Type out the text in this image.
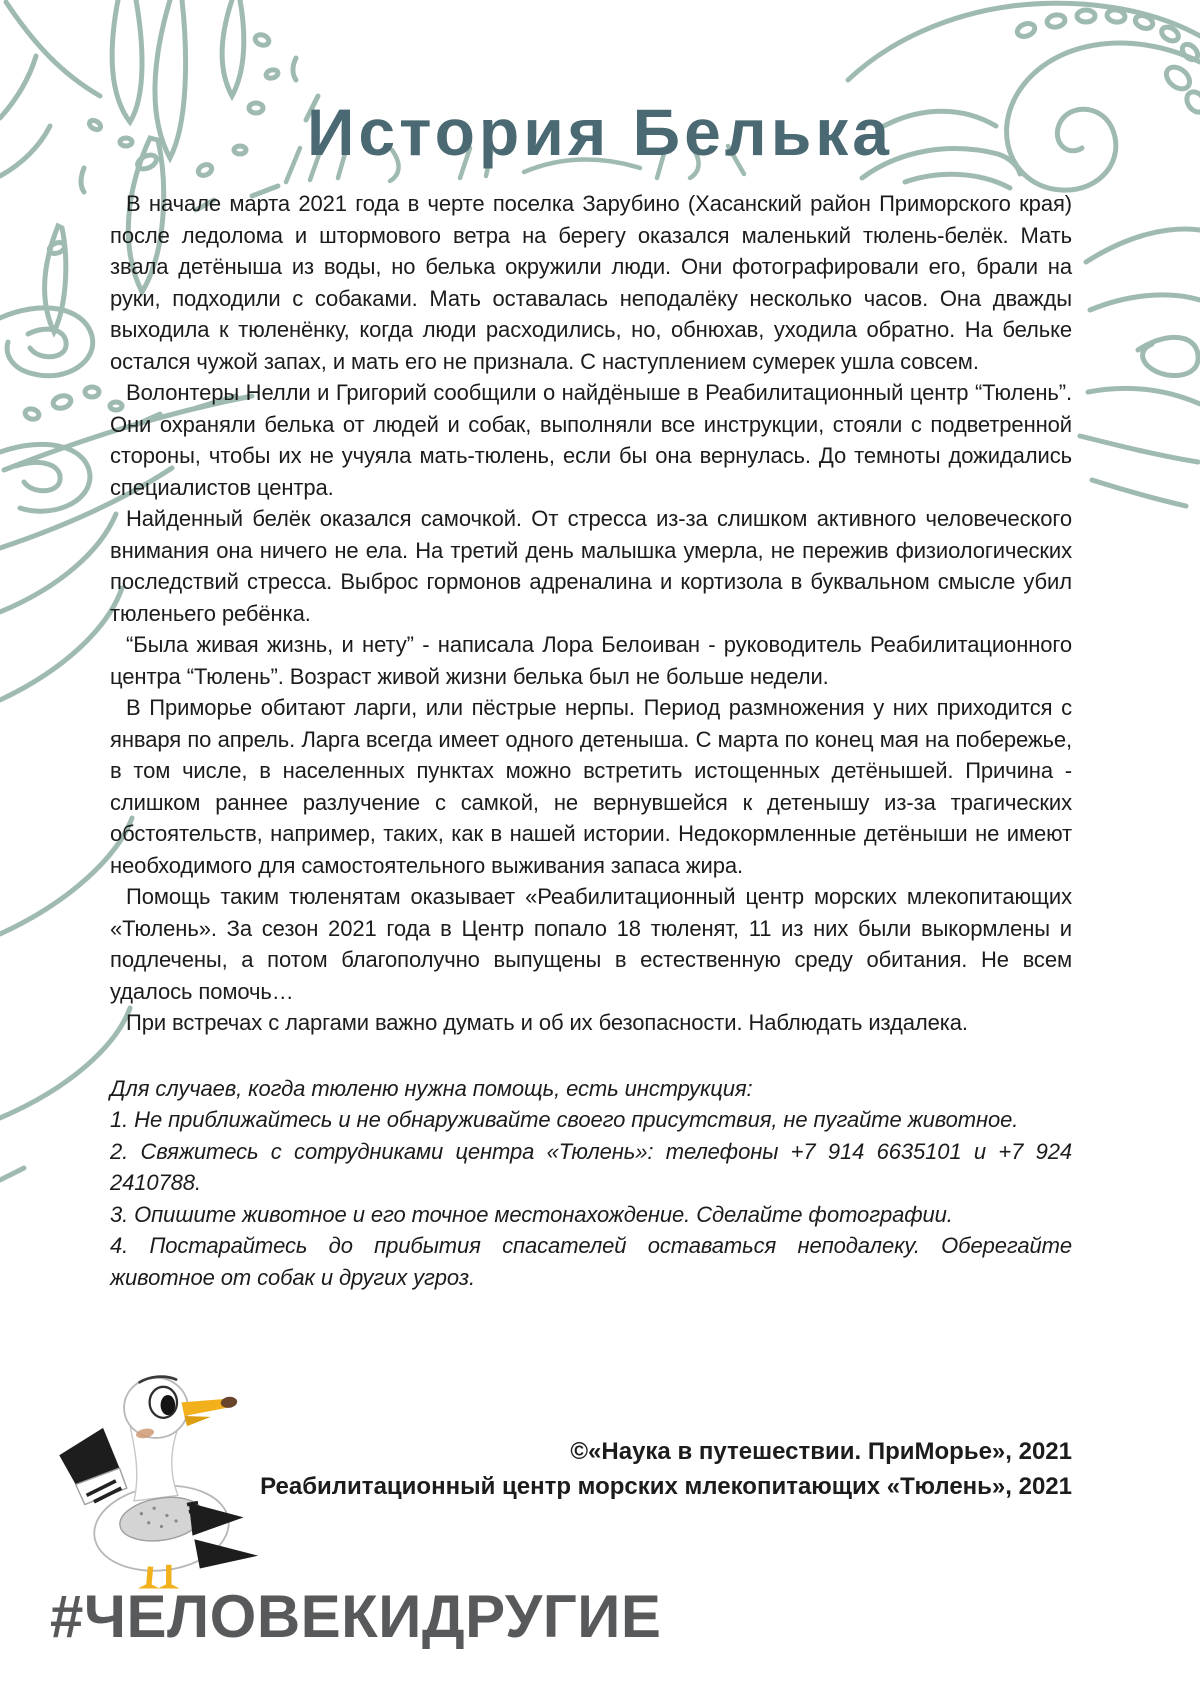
История Белька

В начале марта 2021 года в черте поселка Зарубино (Хасанский район Приморского края) после ледолома и штормового ветра на берегу оказался маленький тюлень-белёк. Мать звала детёныша из воды, но белька окружили люди. Они фотографировали его, брали на руки, подходили с собаками. Мать оставалась неподалёку несколько часов. Она дважды выходила к тюленёнку, когда люди расходились, но, обнюхав, уходила обратно. На бельке остался чужой запах, и мать его не признала. С наступлением сумерек ушла совсем.

Волонтеры Нелли и Григорий сообщили о найдёныше в Реабилитационный центр “Тюлень”. Они охраняли белька от людей и собак, выполняли все инструкции, стояли с подветренной стороны, чтобы их не учуяла мать-тюлень, если бы она вернулась. До темноты дожидались специалистов центра.

Найденный белёк оказался самочкой. От стресса из-за слишком активного человеческого внимания она ничего не ела. На третий день малышка умерла, не пережив физиологических последствий стресса. Выброс гормонов адреналина и кортизола в буквальном смысле убил тюленьего ребёнка.

“Была живая жизнь, и нету” - написала Лора Белоиван - руководитель Реабилитационного центра “Тюлень”. Возраст живой жизни белька был не больше недели.

В Приморье обитают ларги, или пёстрые нерпы. Период размножения у них приходится с января по апрель. Ларга всегда имеет одного детеныша. С марта по конец мая на побережье, в том числе, в населенных пунктах можно встретить истощенных детёнышей. Причина - слишком раннее разлучение с самкой, не вернувшейся к детенышу из-за трагических обстоятельств, например, таких, как в нашей истории. Недокормленные детёныши не имеют необходимого для самостоятельного выживания запаса жира.

Помощь таким тюленятам оказывает «Реабилитационный центр морских млекопитающих «Тюлень». За сезон 2021 года в Центр попало 18 тюленят, 11 из них были выкормлены и подлечены, а потом благополучно выпущены в естественную среду обитания. Не всем удалось помочь…

При встречах с ларгами важно думать и об их безопасности. Наблюдать издалека.

Для случаев, когда тюленю нужна помощь, есть инструкция:

1. Не приближайтесь и не обнаруживайте своего присутствия, не пугайте животное.

2. Свяжитесь с сотрудниками центра «Тюлень»: телефоны +7 914 6635101 и +7 924 2410788.

3. Опишите животное и его точное местонахождение. Сделайте фотографии.

4. Постарайтесь до прибытия спасателей оставаться неподалеку. Оберегайте животное от собак и других угроз.

©«Наука в путешествии. ПриМорье», 2021
Реабилитационный центр морских млекопитающих «Тюлень», 2021
#ЧЕЛОВЕКИДРУГИЕ
